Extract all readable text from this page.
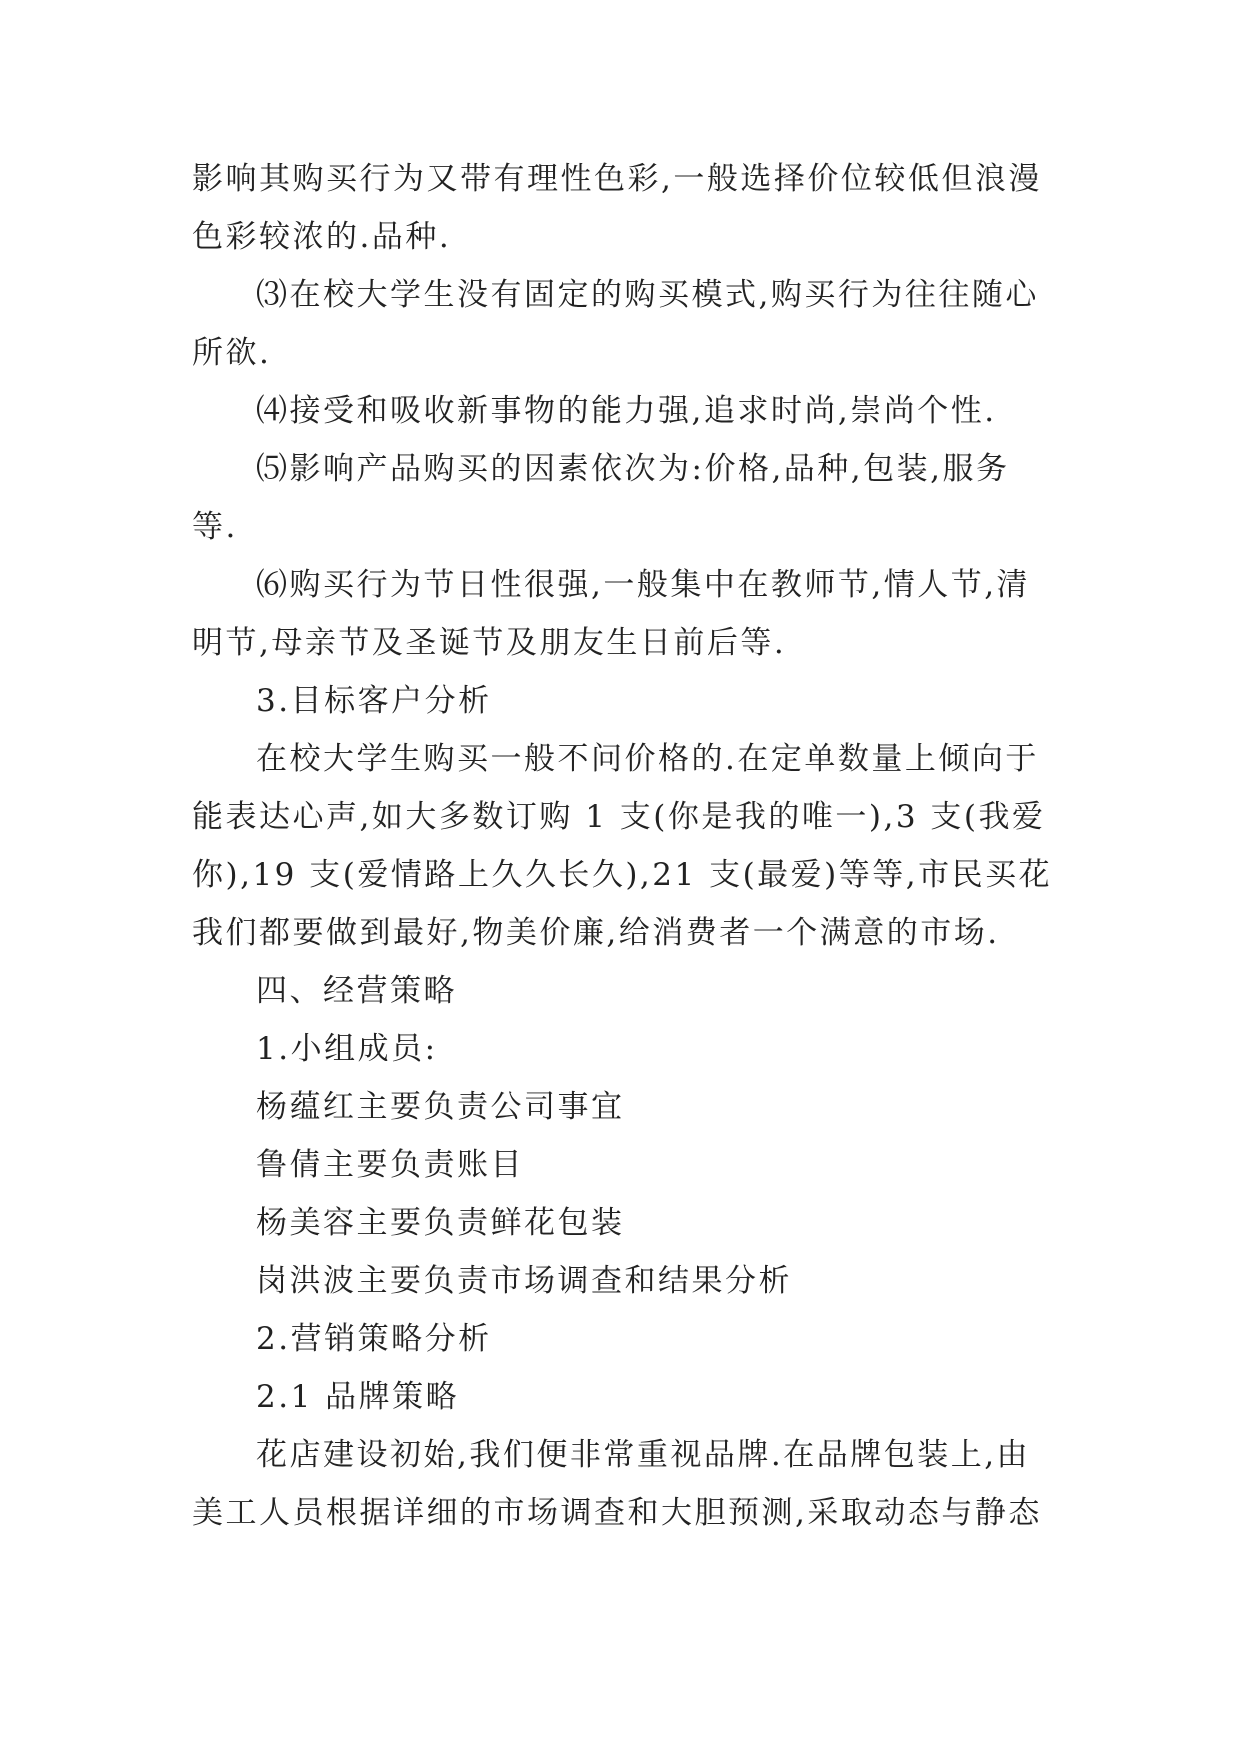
影响其购买行为又带有理性色彩,一般选择价位较低但浪漫
色彩较浓的.品种.

⑶在校大学生没有固定的购买模式,购买行为往往随心
所欲.

⑷接受和吸收新事物的能力强,追求时尚,崇尚个性.

⑸影响产品购买的因素依次为:价格,品种,包装,服务
等.

⑹购买行为节日性很强,一般集中在教师节,情人节,清
明节,母亲节及圣诞节及朋友生日前后等.

3.目标客户分析

在校大学生购买一般不问价格的.在定单数量上倾向于
能表达心声,如大多数订购 1 支(你是我的唯一),3 支(我爱
你),19 支(爱情路上久久长久),21 支(最爱)等等,市民买花
我们都要做到最好,物美价廉,给消费者一个满意的市场.

四、经营策略

1.小组成员:

杨蕴红主要负责公司事宜

鲁倩主要负责账目

杨美容主要负责鲜花包装

岗洪波主要负责市场调查和结果分析

2.营销策略分析

2.1 品牌策略

花店建设初始,我们便非常重视品牌.在品牌包装上,由
美工人员根据详细的市场调查和大胆预测,采取动态与静态
